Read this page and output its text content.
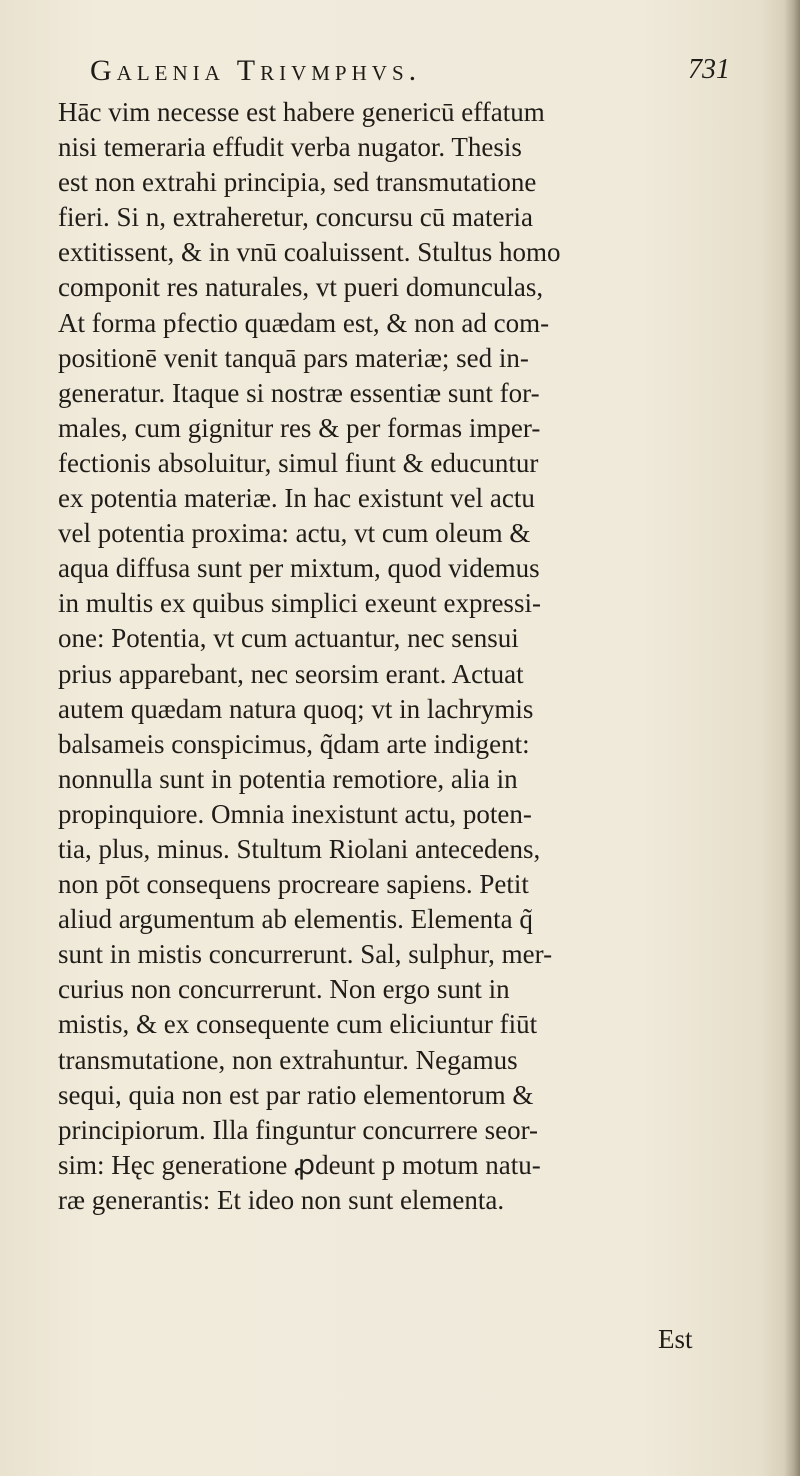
Galenia Trivmphvs.	731
Hāc vim necesse est habere genericū effatum
nisi temeraria effudit verba nugator. Thesis
est non extrahi principia, sed transmutatione
fieri. Si n, extraheretur, concursu cū materia
extitissent, & in vnū coaluissent. Stultus homo
componit res naturales, vt pueri domunculas,
At forma pfectio quædam est, & non ad com-
positionē venit tanquā pars materiæ; sed in-
generatur. Itaque si nostræ essentiæ sunt for-
males, cum gignitur res & per formas imper-
fectionis absoluitur, simul fiunt & educuntur
ex potentia materiæ. In hac existunt vel actu
vel potentia proxima: actu, vt cum oleum &
aqua diffusa sunt per mixtum, quod videmus
in multis ex quibus simplici exeunt expressi-
one: Potentia, vt cum actuantur, nec sensui
prius apparebant, nec seorsim erant. Actuat
autem quædam natura quoq; vt in lachrymis
balsameis conspicimus, q̃dam arte indigent:
nonnulla sunt in potentia remotiore, alia in
propinquiore. Omnia inexistunt actu, poten-
tia, plus, minus. Stultum Riolani antecedens,
non pōt consequens procreare sapiens. Petit
aliud argumentum ab elementis. Elementa q̃
sunt in mistis concurrerunt. Sal, sulphur, mer-
curius non concurrerunt. Non ergo sunt in
mistis, & ex consequente cum eliciuntur fiūt
transmutatione, non extrahuntur. Negamus
sequi, quia non est par ratio elementorum &
principiorum. Illa finguntur concurrere seor-
sim: Hęc generatione ꝓdeunt p motum natu-
ræ generantis: Et ideo non sunt elementa.
Est
